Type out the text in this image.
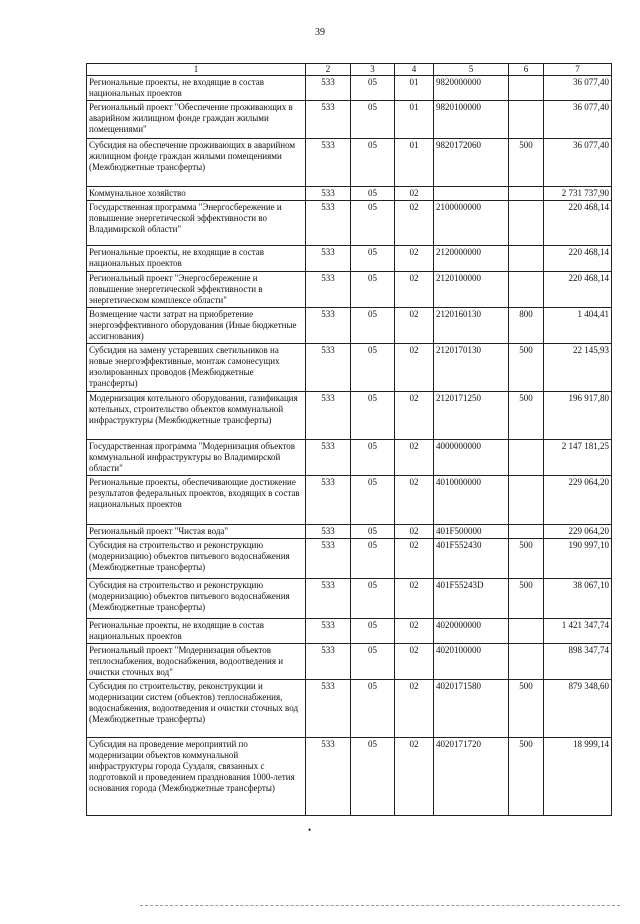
39
1	2	3	4	5	6	7
Региональные проекты, не входящие в состав национальных проектов	533	05	01	9820000000		36 077,40
Региональный проект "Обеспечение проживающих в аварийном жилищном фонде граждан жилыми помещениями"	533	05	01	9820100000		36 077,40
Субсидия на обеспечение проживающих в аварийном жилищном фонде граждан жилыми помещениями (Межбюджетные трансферты)	533	05	01	9820172060	500	36 077,40
Коммунальное хозяйство	533	05	02			2 731 737,90
Государственная программа "Энергосбережение и повышение энергетической эффективности во Владимирской области"	533	05	02	2100000000		220 468,14
Региональные проекты, не входящие в состав национальных проектов	533	05	02	2120000000		220 468,14
Региональный проект "Энергосбережение и повышение энергетической эффективности в энергетическом комплексе области"	533	05	02	2120100000		220 468,14
Возмещение части затрат на приобретение энергоэффективного оборудования (Иные бюджетные ассигнования)	533	05	02	2120160130	800	1 404,41
Субсидия на замену устаревших светильников на новые энергоэффективные, монтаж самонесущих изолированных проводов (Межбюджетные трансферты)	533	05	02	2120170130	500	22 145,93
Модернизация котельного оборудования, газификация котельных, строительство объектов коммунальной инфраструктуры (Межбюджетные трансферты)	533	05	02	2120171250	500	196 917,80
Государственная программа "Модернизация объектов коммунальной инфраструктуры во Владимирской области"	533	05	02	4000000000		2 147 181,25
Региональные проекты, обеспечивающие достижение результатов федеральных проектов, входящих в состав национальных проектов	533	05	02	4010000000		229 064,20
Региональный проект "Чистая вода"	533	05	02	401F500000		229 064,20
Субсидия на строительство и реконструкцию (модернизацию) объектов питьевого водоснабжения (Межбюджетные трансферты)	533	05	02	401F552430	500	190 997,10
Субсидия на строительство и реконструкцию (модернизацию) объектов питьевого водоснабжения (Межбюджетные трансферты)	533	05	02	401F55243D	500	38 067,10
Региональные проекты, не входящие в состав национальных проектов	533	05	02	4020000000		1 421 347,74
Региональный проект "Модернизация объектов теплоснабжения, водоснабжения, водоотведения и очистки сточных вод"	533	05	02	4020100000		898 347,74
Субсидия по строительству, реконструкции и модернизации систем (объектов) теплоснабжения, водоснабжения, водоотведения и очистки сточных вод (Межбюджетные трансферты)	533	05	02	4020171580	500	879 348,60
Субсидия на проведение мероприятий по модернизации объектов коммунальной инфраструктуры города Суздаля, связанных с подготовкой и проведением празднования 1000-летия основания города (Межбюджетные трансферты)	533	05	02	4020171720	500	18 999,14
•
